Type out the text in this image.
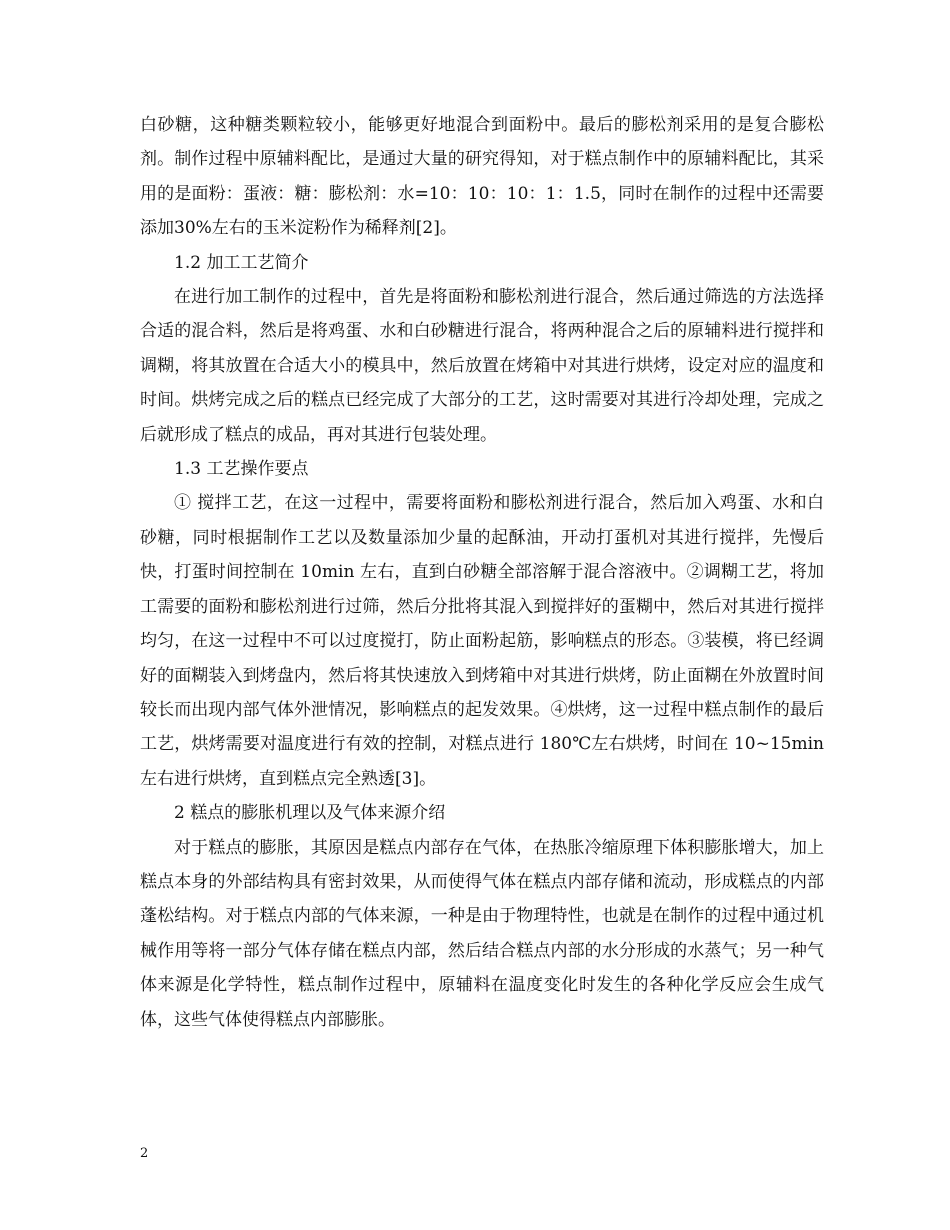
白砂糖，这种糖类颗粒较小，能够更好地混合到面粉中。最后的膨松剂采用的是复合膨松剂。制作过程中原辅料配比，是通过大量的研究得知，对于糕点制作中的原辅料配比，其采用的是面粉：蛋液：糖：膨松剂：水=10：10：10：1：1.5，同时在制作的过程中还需要添加30%左右的玉米淀粉作为稀释剂[2]。

1.2 加工工艺简介

在进行加工制作的过程中，首先是将面粉和膨松剂进行混合，然后通过筛选的方法选择合适的混合料，然后是将鸡蛋、水和白砂糖进行混合，将两种混合之后的原辅料进行搅拌和调糊，将其放置在合适大小的模具中，然后放置在烤箱中对其进行烘烤，设定对应的温度和时间。烘烤完成之后的糕点已经完成了大部分的工艺，这时需要对其进行冷却处理，完成之后就形成了糕点的成品，再对其进行包装处理。

1.3 工艺操作要点

① 搅拌工艺，在这一过程中，需要将面粉和膨松剂进行混合，然后加入鸡蛋、水和白砂糖，同时根据制作工艺以及数量添加少量的起酥油，开动打蛋机对其进行搅拌，先慢后快，打蛋时间控制在 10min 左右，直到白砂糖全部溶解于混合溶液中。②调糊工艺，将加工需要的面粉和膨松剂进行过筛，然后分批将其混入到搅拌好的蛋糊中，然后对其进行搅拌均匀，在这一过程中不可以过度搅打，防止面粉起筋，影响糕点的形态。③装模，将已经调好的面糊装入到烤盘内，然后将其快速放入到烤箱中对其进行烘烤，防止面糊在外放置时间较长而出现内部气体外泄情况，影响糕点的起发效果。④烘烤，这一过程中糕点制作的最后工艺，烘烤需要对温度进行有效的控制，对糕点进行 180℃左右烘烤，时间在 10~15min 左右进行烘烤，直到糕点完全熟透[3]。

2 糕点的膨胀机理以及气体来源介绍

对于糕点的膨胀，其原因是糕点内部存在气体，在热胀冷缩原理下体积膨胀增大，加上糕点本身的外部结构具有密封效果，从而使得气体在糕点内部存储和流动，形成糕点的内部蓬松结构。对于糕点内部的气体来源，一种是由于物理特性，也就是在制作的过程中通过机械作用等将一部分气体存储在糕点内部，然后结合糕点内部的水分形成的水蒸气；另一种气体来源是化学特性，糕点制作过程中，原辅料在温度变化时发生的各种化学反应会生成气体，这些气体使得糕点内部膨胀。

2
